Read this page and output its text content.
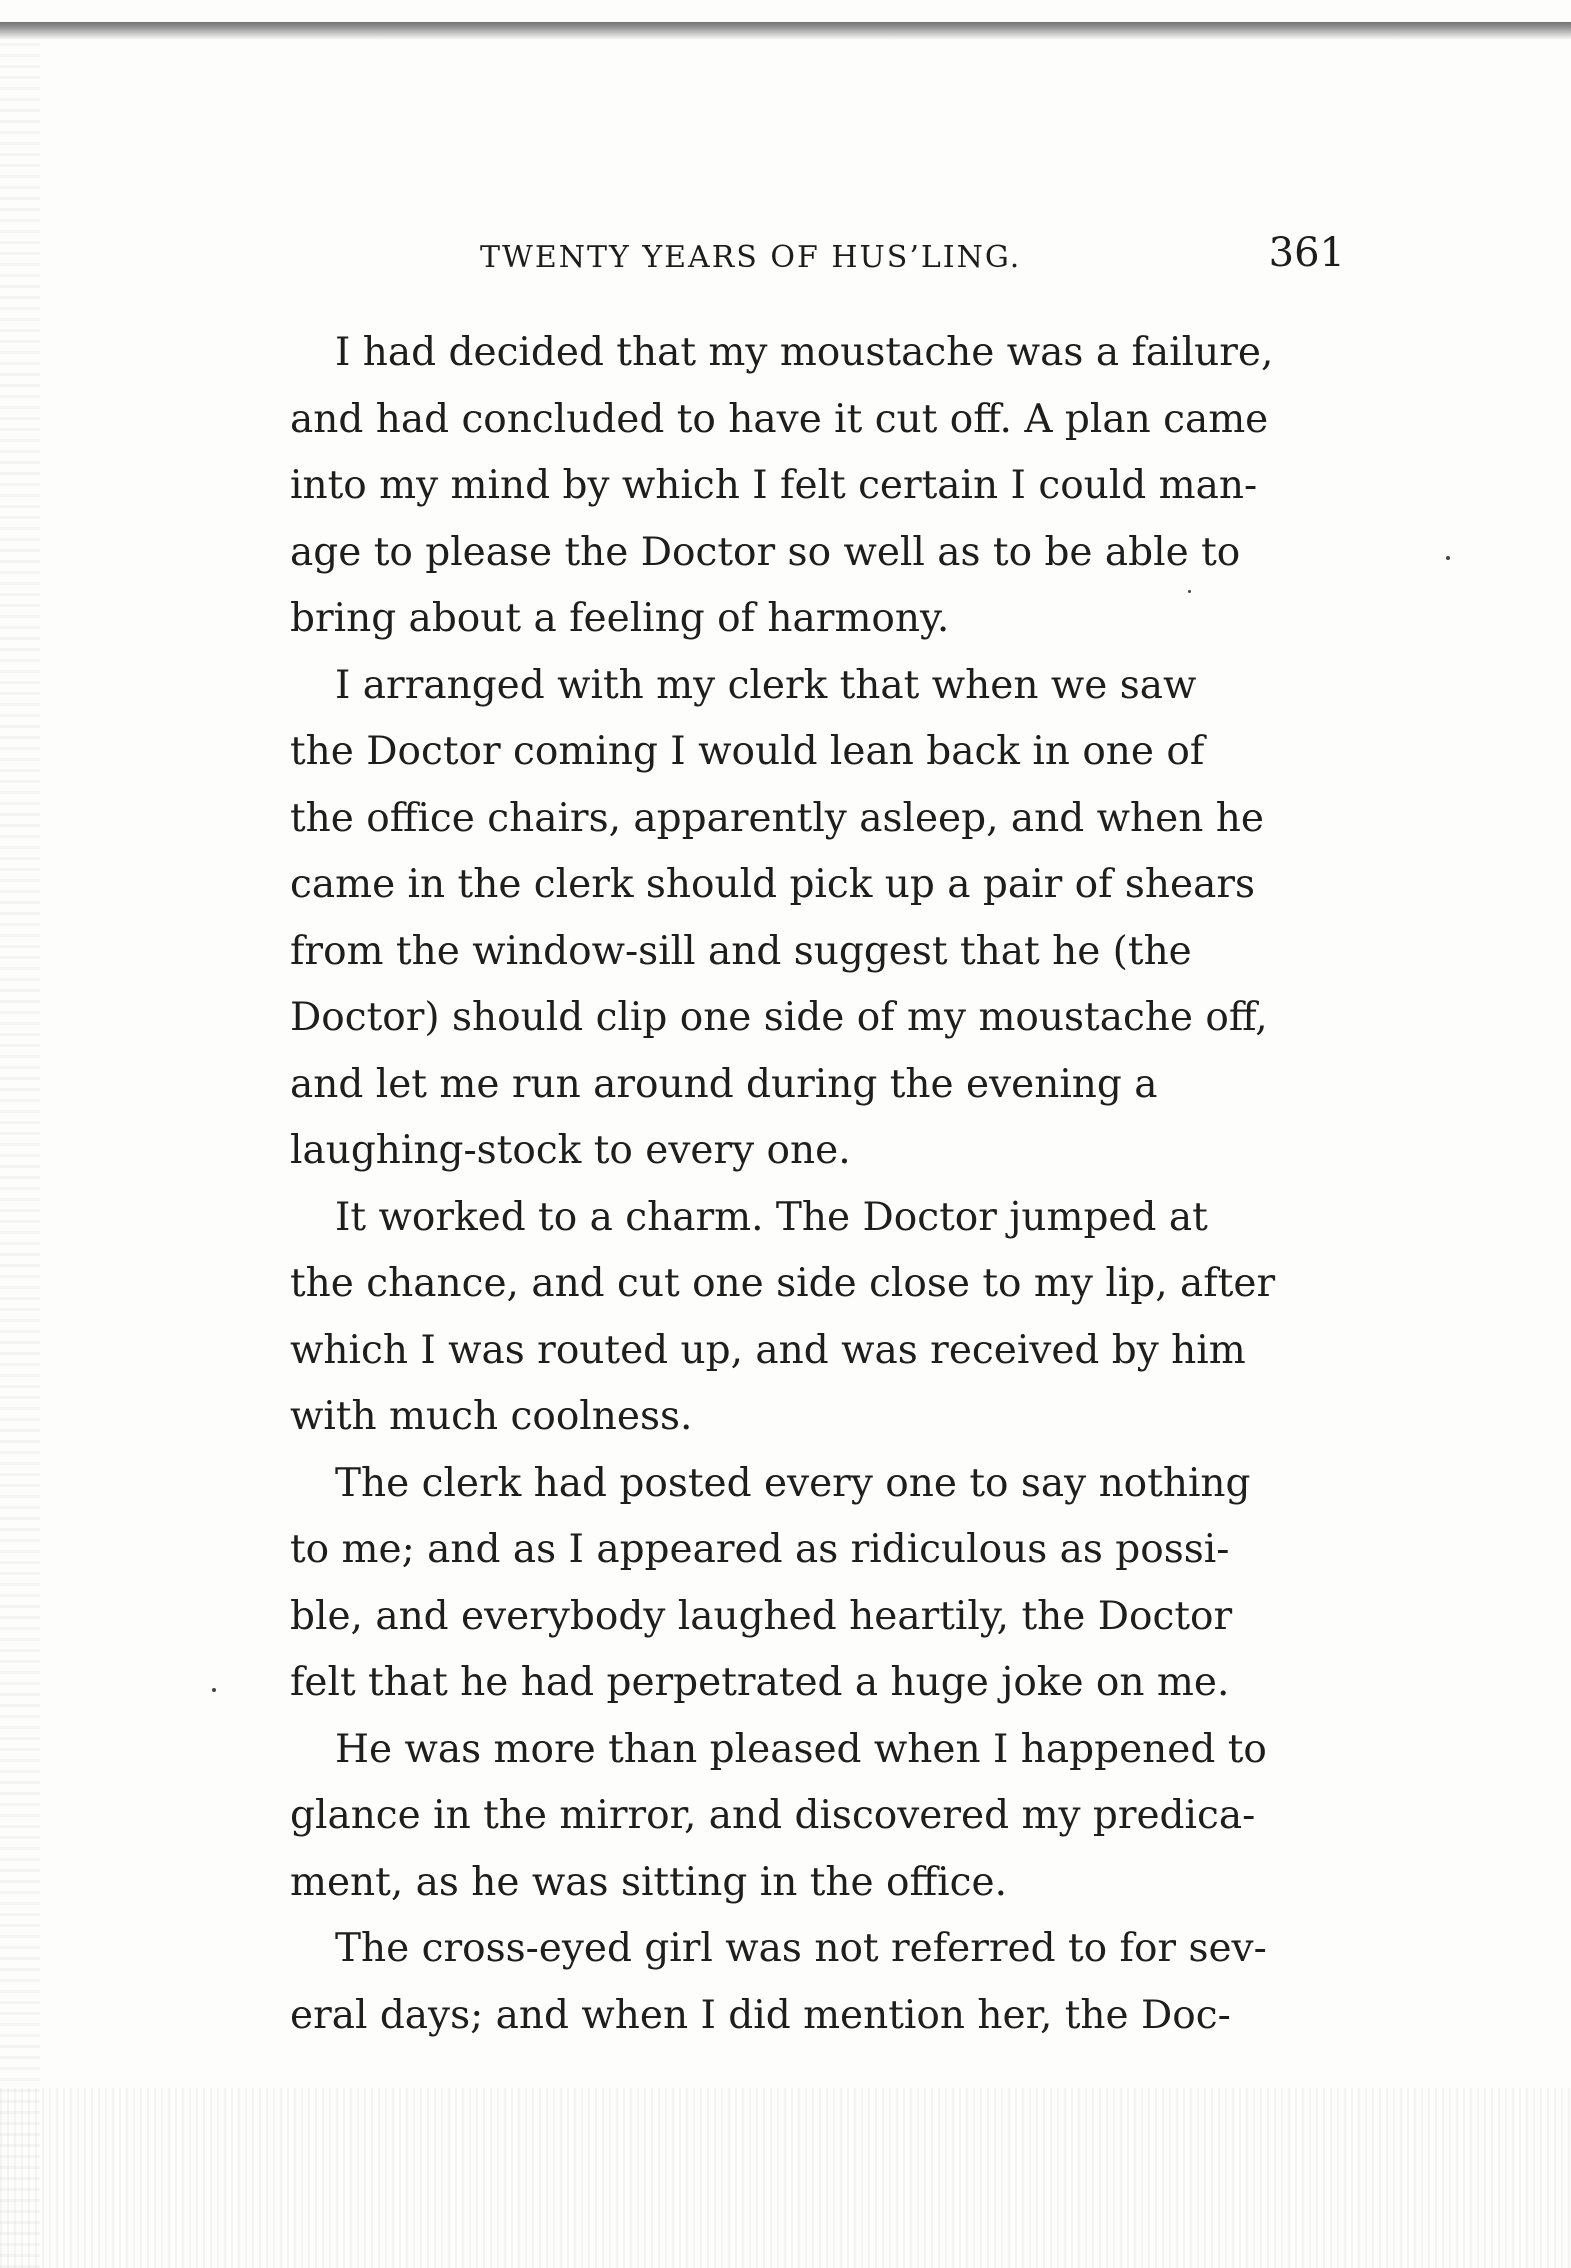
TWENTY YEARS OF HUS’LING.	361

I had decided that my moustache was a failure,
and had concluded to have it cut off. A plan came
into my mind by which I felt certain I could man-
age to please the Doctor so well as to be able to
bring about a feeling of harmony.

I arranged with my clerk that when we saw
the Doctor coming I would lean back in one of
the office chairs, apparently asleep, and when he
came in the clerk should pick up a pair of shears
from the window-sill and suggest that he (the
Doctor) should clip one side of my moustache off,
and let me run around during the evening a
laughing-stock to every one.

It worked to a charm. The Doctor jumped at
the chance, and cut one side close to my lip, after
which I was routed up, and was received by him
with much coolness.

The clerk had posted every one to say nothing
to me; and as I appeared as ridiculous as possi-
ble, and everybody laughed heartily, the Doctor
felt that he had perpetrated a huge joke on me.

He was more than pleased when I happened to
glance in the mirror, and discovered my predica-
ment, as he was sitting in the office.

The cross-eyed girl was not referred to for sev-
eral days; and when I did mention her, the Doc-
